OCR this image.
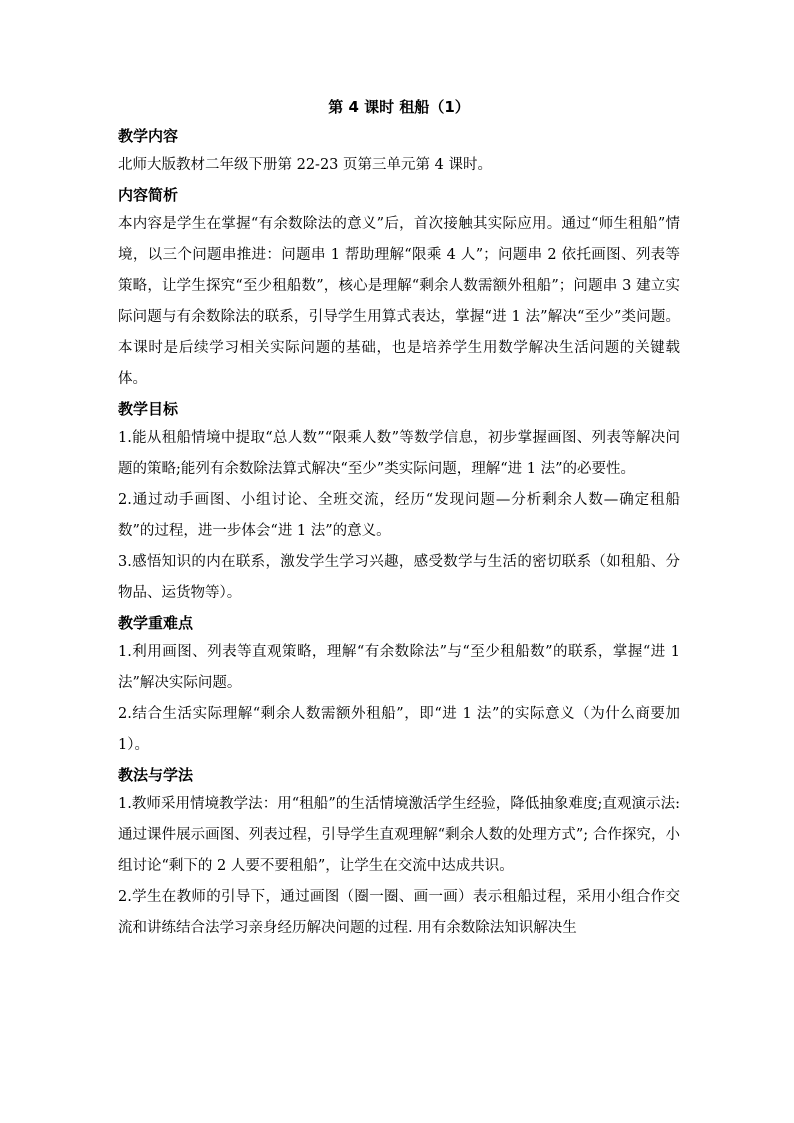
第 4 课时 租船（1）
教学内容

北师大版教材二年级下册第 22-23 页第三单元第 4 课时。

内容简析

本内容是学生在掌握“有余数除法的意义”后，首次接触其实际应用。通过“师生租船”情境，以三个问题串推进：问题串 1 帮助理解“限乘 4 人”；问题串 2 依托画图、列表等策略，让学生探究“至少租船数”，核心是理解“剩余人数需额外租船”；问题串 3 建立实际问题与有余数除法的联系，引导学生用算式表达，掌握“进 1 法”解决“至少”类问题。本课时是后续学习相关实际问题的基础，也是培养学生用数学解决生活问题的关键载体。

教学目标

1.能从租船情境中提取“总人数”“限乘人数”等数学信息，初步掌握画图、列表等解决问题的策略;能列有余数除法算式解决“至少”类实际问题，理解“进 1 法”的必要性。

2.通过动手画图、小组讨论、全班交流，经历“发现问题—分析剩余人数—确定租船数”的过程，进一步体会“进 1 法”的意义。

3.感悟知识的内在联系，激发学生学习兴趣，感受数学与生活的密切联系（如租船、分物品、运货物等）。

教学重难点

1.利用画图、列表等直观策略，理解“有余数除法”与“至少租船数”的联系，掌握“进 1 法”解决实际问题。

2.结合生活实际理解“剩余人数需额外租船”，即“进 1 法”的实际意义（为什么商要加 1）。

教法与学法

1.教师采用情境教学法：用“租船”的生活情境激活学生经验，降低抽象难度;直观演示法: 通过课件展示画图、列表过程，引导学生直观理解“剩余人数的处理方式”; 合作探究，小组讨论“剩下的 2 人要不要租船”，让学生在交流中达成共识。

2.学生在教师的引导下，通过画图（圈一圈、画一画）表示租船过程，采用小组合作交流和讲练结合法学习亲身经历解决问题的过程. 用有余数除法知识解决生
